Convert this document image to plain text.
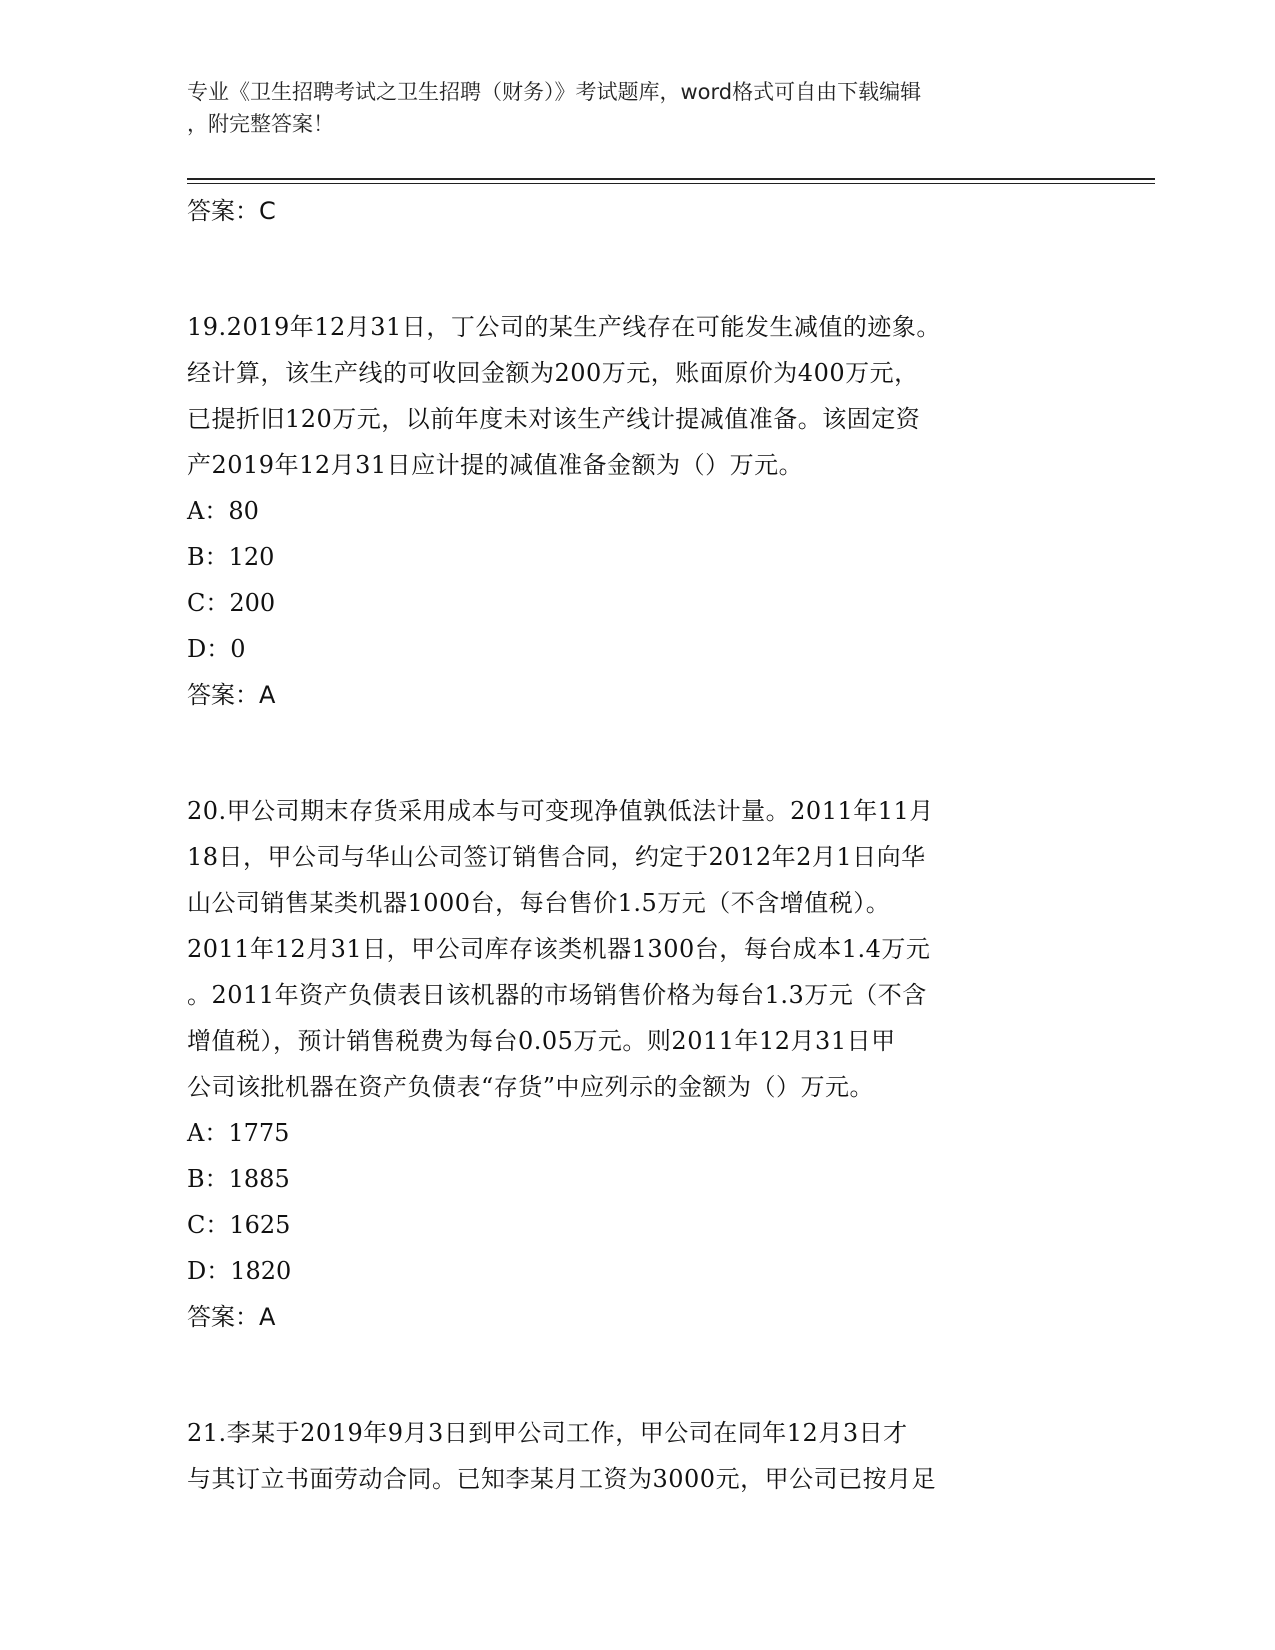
专业《卫生招聘考试之卫生招聘（财务）》考试题库，word格式可自由下载编辑
，附完整答案！
答案：C
19.2019年12月31日，丁公司的某生产线存在可能发生减值的迹象。
经计算，该生产线的可收回金额为200万元，账面原价为400万元，
已提折旧120万元，以前年度未对该生产线计提减值准备。该固定资
产2019年12月31日应计提的减值准备金额为（）万元。
A：80
B：120
C：200
D：0
答案：A
20.甲公司期末存货采用成本与可变现净值孰低法计量。2011年11月
18日，甲公司与华山公司签订销售合同，约定于2012年2月1日向华
山公司销售某类机器1000台，每台售价1.5万元（不含增值税）。
2011年12月31日，甲公司库存该类机器1300台，每台成本1.4万元
。2011年资产负债表日该机器的市场销售价格为每台1.3万元（不含
增值税），预计销售税费为每台0.05万元。则2011年12月31日甲
公司该批机器在资产负债表“存货”中应列示的金额为（）万元。
A：1775
B：1885
C：1625
D：1820
答案：A
21.李某于2019年9月3日到甲公司工作，甲公司在同年12月3日才
与其订立书面劳动合同。已知李某月工资为3000元，甲公司已按月足
